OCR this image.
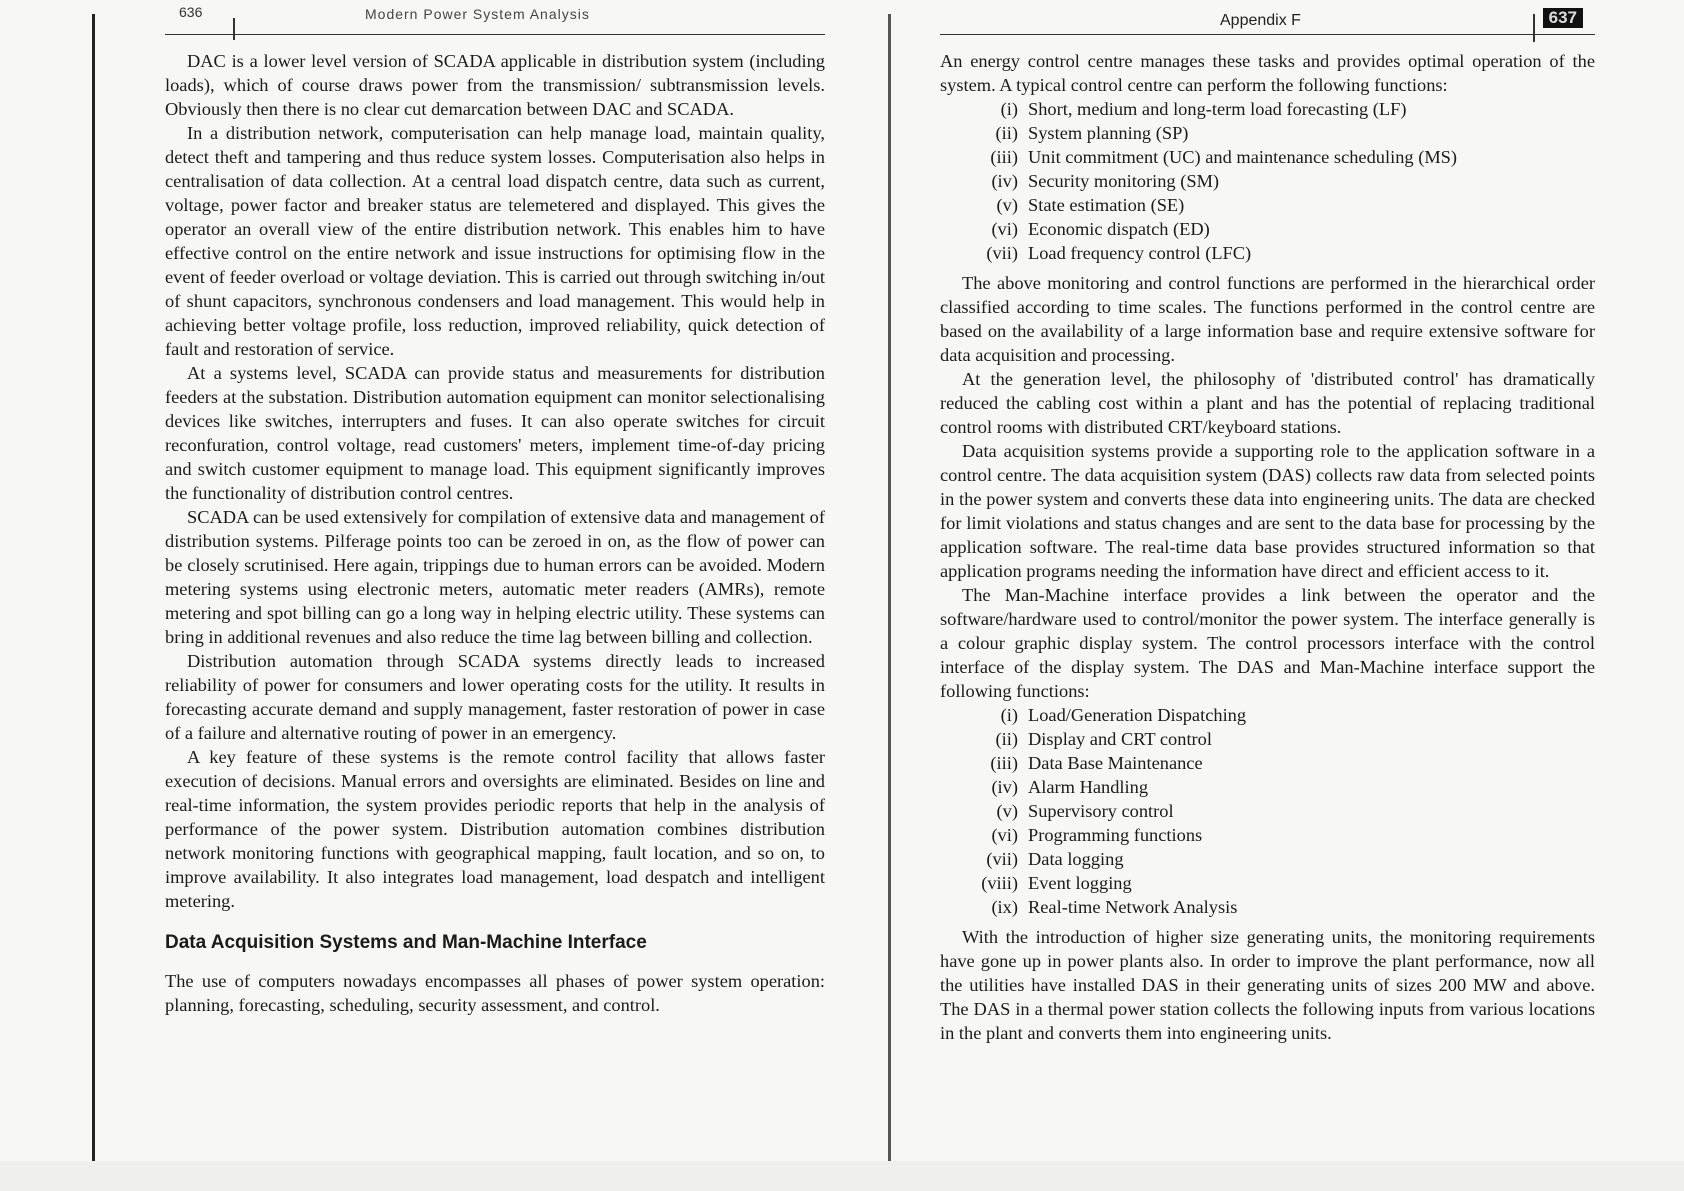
636	Modern Power System Analysis

DAC is a lower level version of SCADA applicable in distribution system (including loads), which of course draws power from the transmission/ subtransmission levels. Obviously then there is no clear cut demarcation between DAC and SCADA.

In a distribution network, computerisation can help manage load, maintain quality, detect theft and tampering and thus reduce system losses. Computerisation also helps in centralisation of data collection. At a central load dispatch centre, data such as current, voltage, power factor and breaker status are telemetered and displayed. This gives the operator an overall view of the entire distribution network. This enables him to have effective control on the entire network and issue instructions for optimising flow in the event of feeder overload or voltage deviation. This is carried out through switching in/out of shunt capacitors, synchronous condensers and load management. This would help in achieving better voltage profile, loss reduction, improved reliability, quick detection of fault and restoration of service.

At a systems level, SCADA can provide status and measurements for distribution feeders at the substation. Distribution automation equipment can monitor selectionalising devices like switches, interrupters and fuses. It can also operate switches for circuit reconfuration, control voltage, read customers' meters, implement time-of-day pricing and switch customer equipment to manage load. This equipment significantly improves the functionality of distribution control centres.

SCADA can be used extensively for compilation of extensive data and management of distribution systems. Pilferage points too can be zeroed in on, as the flow of power can be closely scrutinised. Here again, trippings due to human errors can be avoided. Modern metering systems using electronic meters, automatic meter readers (AMRs), remote metering and spot billing can go a long way in helping electric utility. These systems can bring in additional revenues and also reduce the time lag between billing and collection.

Distribution automation through SCADA systems directly leads to increased reliability of power for consumers and lower operating costs for the utility. It results in forecasting accurate demand and supply management, faster restoration of power in case of a failure and alternative routing of power in an emergency.

A key feature of these systems is the remote control facility that allows faster execution of decisions. Manual errors and oversights are eliminated. Besides on line and real-time information, the system provides periodic reports that help in the analysis of performance of the power system. Distribution automation combines distribution network monitoring functions with geographical mapping, fault location, and so on, to improve availability. It also integrates load management, load despatch and intelligent metering.

Data Acquisition Systems and Man-Machine Interface

The use of computers nowadays encompasses all phases of power system operation: planning, forecasting, scheduling, security assessment, and control.

Appendix F	637

An energy control centre manages these tasks and provides optimal operation of the system. A typical control centre can perform the following functions:

(i) Short, medium and long-term load forecasting (LF)
(ii) System planning (SP)
(iii) Unit commitment (UC) and maintenance scheduling (MS)
(iv) Security monitoring (SM)
(v) State estimation (SE)
(vi) Economic dispatch (ED)
(vii) Load frequency control (LFC)

The above monitoring and control functions are performed in the hierarchical order classified according to time scales. The functions performed in the control centre are based on the availability of a large information base and require extensive software for data acquisition and processing.

At the generation level, the philosophy of 'distributed control' has dramatically reduced the cabling cost within a plant and has the potential of replacing traditional control rooms with distributed CRT/keyboard stations.

Data acquisition systems provide a supporting role to the application software in a control centre. The data acquisition system (DAS) collects raw data from selected points in the power system and converts these data into engineering units. The data are checked for limit violations and status changes and are sent to the data base for processing by the application software. The real-time data base provides structured information so that application programs needing the information have direct and efficient access to it.

The Man-Machine interface provides a link between the operator and the software/hardware used to control/monitor the power system. The interface generally is a colour graphic display system. The control processors interface with the control interface of the display system. The DAS and Man-Machine interface support the following functions:

(i) Load/Generation Dispatching
(ii) Display and CRT control
(iii) Data Base Maintenance
(iv) Alarm Handling
(v) Supervisory control
(vi) Programming functions
(vii) Data logging
(viii) Event logging
(ix) Real-time Network Analysis

With the introduction of higher size generating units, the monitoring requirements have gone up in power plants also. In order to improve the plant performance, now all the utilities have installed DAS in their generating units of sizes 200 MW and above. The DAS in a thermal power station collects the following inputs from various locations in the plant and converts them into engineering units.
